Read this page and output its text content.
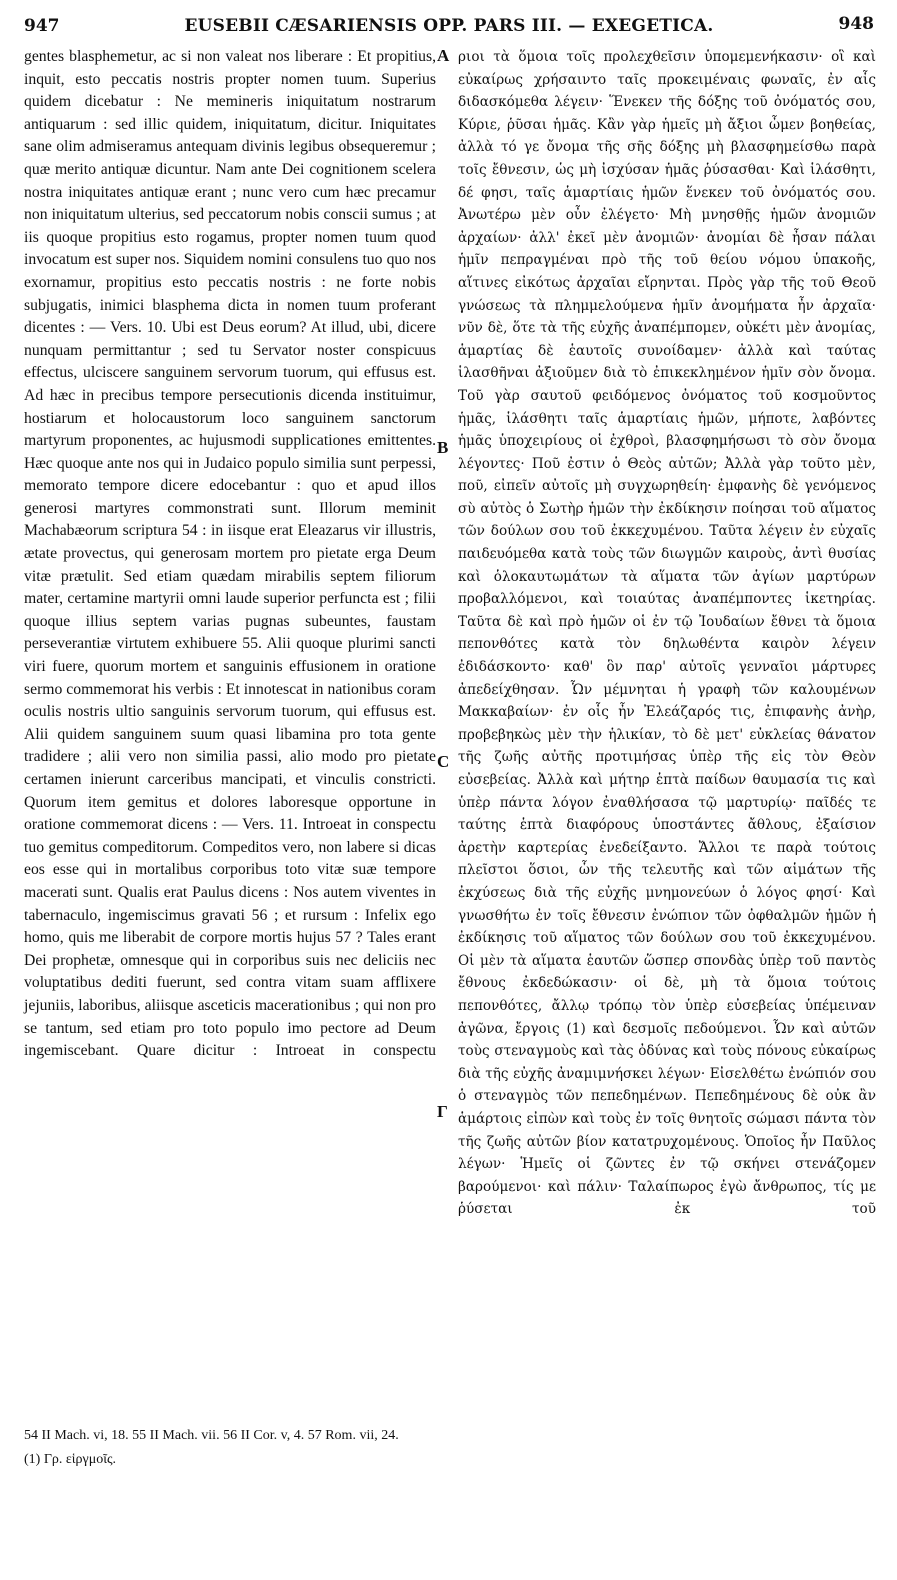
947	EUSEBII CÆSARIENSIS OPP. PARS III. — EXEGETICA.	948

gentes blasphemetur, ac si non valeat nos liberare : Et propitius, inquit, esto peccatis nostris propter nomen tuum. Superius quidem dicebatur : Ne memineris iniquitatum nostrarum antiquarum : sed illic quidem, iniquitatum, dicitur. Iniquitates sane olim admiseramus antequam divinis legibus obsequeremur ; quæ merito antiquæ dicuntur. Nam ante Dei cognitionem scelera nostra iniquitates antiquæ erant ; nunc vero cum hæc precamur non iniquitatum ulterius, sed peccatorum nobis conscii sumus ; at iis quoque propitius esto rogamus, propter nomen tuum quod invocatum est super nos. Siquidem nomini consulens tuo quo nos exornamur, propitius esto peccatis nostris : ne forte nobis subjugatis, inimici blasphema dicta in nomen tuum proferant dicentes : — Vers. 10. Ubi est Deus eorum? At illud, ubi, dicere nunquam permittantur ; sed tu Servator noster conspicuus effectus, ulciscere sanguinem servorum tuorum, qui effusus est. Ad hæc in precibus tempore persecutionis dicenda instituimur, hostiarum et holocaustorum loco sanguinem sanctorum martyrum proponentes, ac hujusmodi supplicationes emittentes. Hæc quoque ante nos qui in Judaico populo similia sunt perpessi, memorato tempore dicere edocebantur : quo et apud illos generosi martyres commonstrati sunt. Illorum meminit Machabæorum scriptura 54 : in iisque erat Eleazarus vir illustris, ætate provectus, qui generosam mortem pro pietate erga Deum vitæ prætulit. Sed etiam quædam mirabilis septem filiorum mater, certamine martyrii omni laude superior perfuncta est ; filii quoque illius septem varias pugnas subeuntes, faustam perseverantiæ virtutem exhibuere 55. Alii quoque plurimi sancti viri fuere, quorum mortem et sanguinis effusionem in oratione sermo commemorat his verbis : Et innotescat in nationibus coram oculis nostris ultio sanguinis servorum tuorum, qui effusus est. Alii quidem sanguinem suum quasi libamina pro tota gente tradidere ; alii vero non similia passi, alio modo pro pietate certamen inierunt carceribus mancipati, et vinculis constricti. Quorum item gemitus et dolores laboresque opportune in oratione commemorat dicens : — Vers. 11. Introeat in conspectu tuo gemitus compeditorum. Compeditos vero, non labere si dicas eos esse qui in mortalibus corporibus toto vitæ suæ tempore macerati sunt. Qualis erat Paulus dicens : Nos autem viventes in tabernaculo, ingemiscimus gravati 56 ; et rursum : Infelix ego homo, quis me liberabit de corpore mortis hujus 57 ? Tales erant Dei prophetæ, omnesque qui in corporibus suis nec deliciis nec voluptatibus dediti fuerunt, sed contra vitam suam afflixere jejuniis, laboribus, aliisque asceticis macerationibus ; qui non pro se tantum, sed etiam pro toto populo imo pectore ad Deum ingemiscebant. Quare dicitur : Introeat in conspectu

A
B
C
Γ

ριοι τὰ ὅμοια τοῖς προλεχθεῖσιν ὑπομεμενήκασιν· οἳ καὶ εὐκαίρως χρήσαιντο ταῖς προκειμέναις φωναῖς, ἐν αἷς διδασκόμεθα λέγειν· Ἕνεκεν τῆς δόξης τοῦ ὀνόματός σου, Κύριε, ῥῦσαι ἡμᾶς. Κἂν γὰρ ἡμεῖς μὴ ἄξιοι ὦμεν βοηθείας, ἀλλὰ τό γε ὄνομα τῆς σῆς δόξης μὴ βλασφημείσθω παρὰ τοῖς ἔθνεσιν, ὡς μὴ ἰσχύσαν ἡμᾶς ῥύσασθαι· Καὶ ἱλάσθητι, δέ φησι, ταῖς ἁμαρτίαις ἡμῶν ἕνεκεν τοῦ ὀνόματός σου. Ἀνωτέρω μὲν οὖν ἐλέγετο· Μὴ μνησθῇς ἡμῶν ἀνομιῶν ἀρχαίων· ἀλλ' ἐκεῖ μὲν ἀνομιῶν· ἀνομίαι δὲ ἦσαν πάλαι ἡμῖν πεπραγμέναι πρὸ τῆς τοῦ θείου νόμου ὑπακοῆς, αἵτινες εἰκότως ἀρχαῖαι εἴρηνται. Πρὸς γὰρ τῆς τοῦ Θεοῦ γνώσεως τὰ πλημμελούμενα ἡμῖν ἀνομήματα ἦν ἀρχαῖα· νῦν δὲ, ὅτε τὰ τῆς εὐχῆς ἀναπέμπομεν, οὐκέτι μὲν ἀνομίας, ἁμαρτίας δὲ ἑαυτοῖς συνοίδαμεν· ἀλλὰ καὶ ταύτας ἱλασθῆναι ἀξιοῦμεν διὰ τὸ ἐπικεκλημένον ἡμῖν σὸν ὄνομα. Τοῦ γὰρ σαυτοῦ φειδόμενος ὀνόματος τοῦ κοσμοῦντος ἡμᾶς, ἱλάσθητι ταῖς ἁμαρτίαις ἡμῶν, μήποτε, λαβόντες ἡμᾶς ὑποχειρίους οἱ ἐχθροὶ, βλασφημήσωσι τὸ σὸν ὄνομα λέγοντες· Ποῦ ἐστιν ὁ Θεὸς αὐτῶν; Ἀλλὰ γὰρ τοῦτο μὲν, ποῦ, εἰπεῖν αὐτοῖς μὴ συγχωρηθείη· ἐμφανὴς δὲ γενόμενος σὺ αὐτὸς ὁ Σωτὴρ ἡμῶν τὴν ἐκδίκησιν ποίησαι τοῦ αἵματος τῶν δούλων σου τοῦ ἐκκεχυμένου. Ταῦτα λέγειν ἐν εὐχαῖς παιδευόμεθα κατὰ τοὺς τῶν διωγμῶν καιροὺς, ἀντὶ θυσίας καὶ ὁλοκαυτωμάτων τὰ αἵματα τῶν ἁγίων μαρτύρων προβαλλόμενοι, καὶ τοιαύτας ἀναπέμποντες ἱκετηρίας. Ταῦτα δὲ καὶ πρὸ ἡμῶν οἱ ἐν τῷ Ἰουδαίων ἔθνει τὰ ὅμοια πεπονθότες κατὰ τὸν δηλωθέντα καιρὸν λέγειν ἐδιδάσκοντο· καθ' ὃν παρ' αὐτοῖς γενναῖοι μάρτυρες ἀπεδείχθησαν. Ὧν μέμνηται ἡ γραφὴ τῶν καλουμένων Μακκαβαίων· ἐν οἷς ἦν Ἐλεάζαρός τις, ἐπιφανὴς ἀνὴρ, προβεβηκὼς μὲν τὴν ἡλικίαν, τὸ δὲ μετ' εὐκλείας θάνατον τῆς ζωῆς αὐτῆς προτιμήσας ὑπὲρ τῆς εἰς τὸν Θεὸν εὐσεβείας. Ἀλλὰ καὶ μήτηρ ἑπτὰ παίδων θαυμασία τις καὶ ὑπὲρ πάντα λόγον ἐναθλήσασα τῷ μαρτυρίῳ· παῖδές τε ταύτης ἑπτὰ διαφόρους ὑποστάντες ἄθλους, ἐξαίσιον ἀρετὴν καρτερίας ἐνεδείξαντο. Ἄλλοι τε παρὰ τούτοις πλεῖστοι ὅσιοι, ὧν τῆς τελευτῆς καὶ τῶν αἱμάτων τῆς ἐκχύσεως διὰ τῆς εὐχῆς μνημονεύων ὁ λόγος φησί· Καὶ γνωσθήτω ἐν τοῖς ἔθνεσιν ἐνώπιον τῶν ὀφθαλμῶν ἡμῶν ἡ ἐκδίκησις τοῦ αἵματος τῶν δούλων σου τοῦ ἐκκεχυμένου. Οἱ μὲν τὰ αἵματα ἑαυτῶν ὥσπερ σπονδὰς ὑπὲρ τοῦ παντὸς ἔθνους ἐκδεδώκασιν· οἱ δὲ, μὴ τὰ ὅμοια τούτοις πεπονθότες, ἄλλῳ τρόπῳ τὸν ὑπὲρ εὐσεβείας ὑπέμειναν ἀγῶνα, ἔργοις (1) καὶ δεσμοῖς πεδούμενοι. Ὧν καὶ αὐτῶν τοὺς στεναγμοὺς καὶ τὰς ὀδύνας καὶ τοὺς πόνους εὐκαίρως διὰ τῆς εὐχῆς ἀναμιμνήσκει λέγων· Εἰσελθέτω ἐνώπιόν σου ὁ στεναγμὸς τῶν πεπεδημένων. Πεπεδημένους δὲ οὐκ ἂν ἁμάρτοις εἰπὼν καὶ τοὺς ἐν τοῖς θνητοῖς σώμασι πάντα τὸν τῆς ζωῆς αὐτῶν βίον κατατρυχομένους. Ὁποῖος ἦν Παῦλος λέγων· Ἡμεῖς οἱ ζῶντες ἐν τῷ σκήνει στενάζομεν βαρούμενοι· καὶ πάλιν· Ταλαίπωρος ἐγὼ ἄνθρωπος, τίς με ῥύσεται ἐκ τοῦ

54 II Mach. vi, 18. 55 II Mach. vii. 56 II Cor. v, 4. 57 Rom. vii, 24.
(1) Γρ. εἱργμοῖς.
